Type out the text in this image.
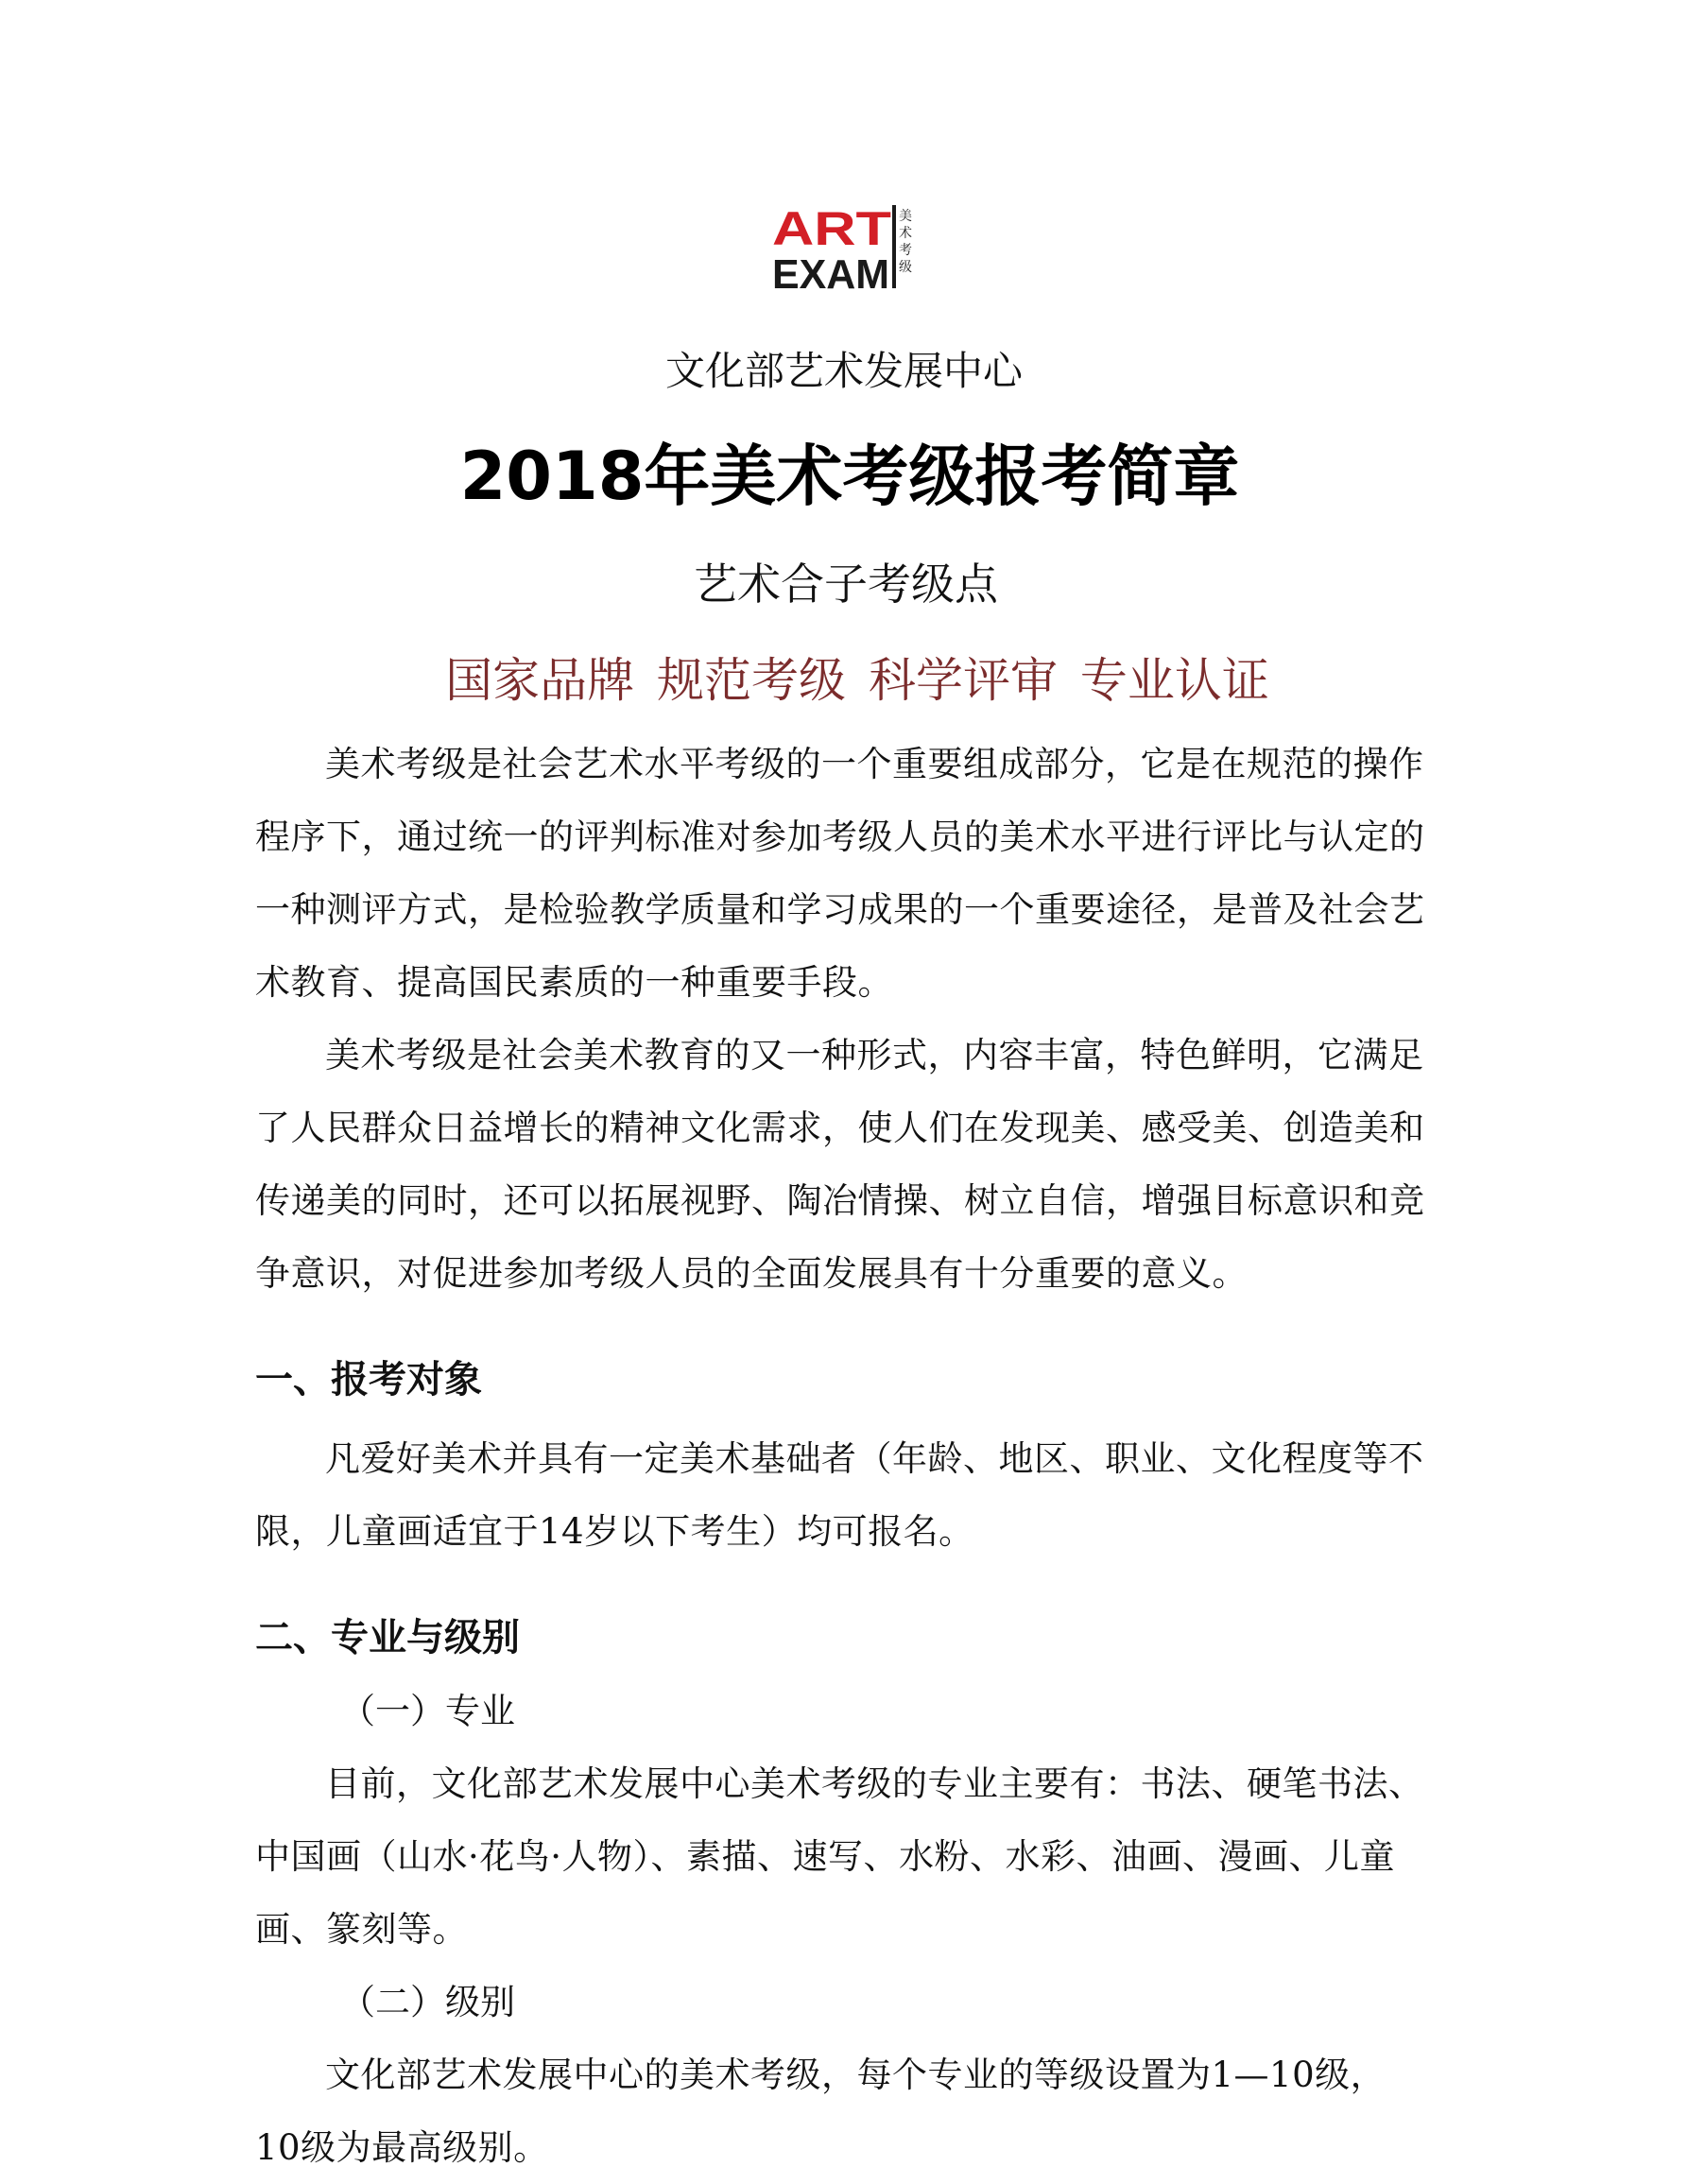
ART
EXAM
美
术
考
级

文化部艺术发展中心

2018年美术考级报考简章

艺术合子考级点

国家品牌 规范考级 科学评审 专业认证

美术考级是社会艺术水平考级的一个重要组成部分，它是在规范的操作程序下，通过统一的评判标准对参加考级人员的美术水平进行评比与认定的一种测评方式，是检验教学质量和学习成果的一个重要途径，是普及社会艺术教育、提高国民素质的一种重要手段。

美术考级是社会美术教育的又一种形式，内容丰富，特色鲜明，它满足了人民群众日益增长的精神文化需求，使人们在发现美、感受美、创造美和传递美的同时，还可以拓展视野、陶冶情操、树立自信，增强目标意识和竞争意识，对促进参加考级人员的全面发展具有十分重要的意义。

一、报考对象

凡爱好美术并具有一定美术基础者（年龄、地区、职业、文化程度等不限，儿童画适宜于14岁以下考生）均可报名。

二、专业与级别

（一）专业

目前，文化部艺术发展中心美术考级的专业主要有：书法、硬笔书法、中国画（山水·花鸟·人物）、素描、速写、水粉、水彩、油画、漫画、儿童画、篆刻等。

（二）级别

文化部艺术发展中心的美术考级，每个专业的等级设置为1—10级，10级为最高级别。
